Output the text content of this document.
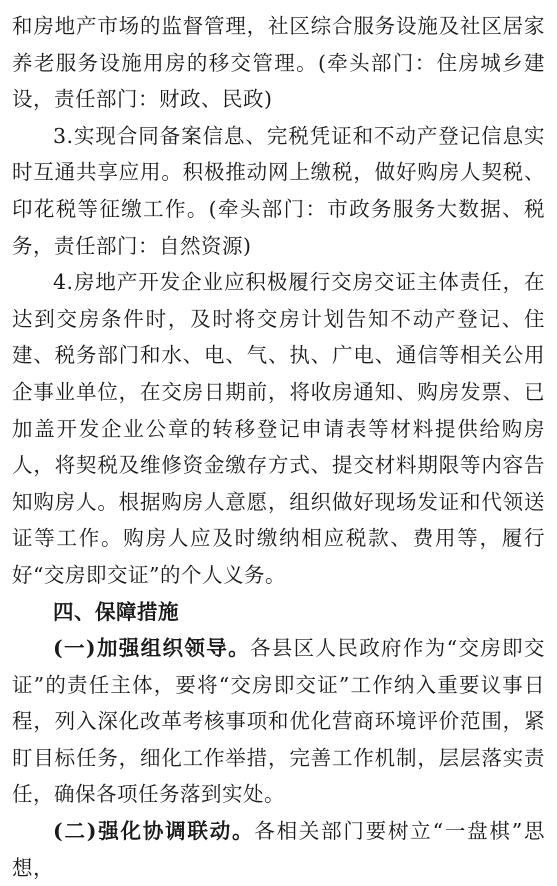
和房地产市场的监督管理，社区综合服务设施及社区居家养老服务设施用房的移交管理。(牵头部门：住房城乡建设，责任部门：财政、民政)

3.实现合同备案信息、完税凭证和不动产登记信息实时互通共享应用。积极推动网上缴税，做好购房人契税、印花税等征缴工作。(牵头部门：市政务服务大数据、税务，责任部门：自然资源)

4.房地产开发企业应积极履行交房交证主体责任，在达到交房条件时，及时将交房计划告知不动产登记、住建、税务部门和水、电、气、执、广电、通信等相关公用企事业单位，在交房日期前，将收房通知、购房发票、已加盖开发企业公章的转移登记申请表等材料提供给购房人，将契税及维修资金缴存方式、提交材料期限等内容告知购房人。根据购房人意愿，组织做好现场发证和代领送证等工作。购房人应及时缴纳相应税款、费用等，履行好“交房即交证”的个人义务。

四、保障措施

(一)加强组织领导。各县区人民政府作为“交房即交证”的责任主体，要将“交房即交证”工作纳入重要议事日程，列入深化改革考核事项和优化营商环境评价范围，紧盯目标任务，细化工作举措，完善工作机制，层层落实责任，确保各项任务落到实处。

(二)强化协调联动。各相关部门要树立“一盘棋”思想，
